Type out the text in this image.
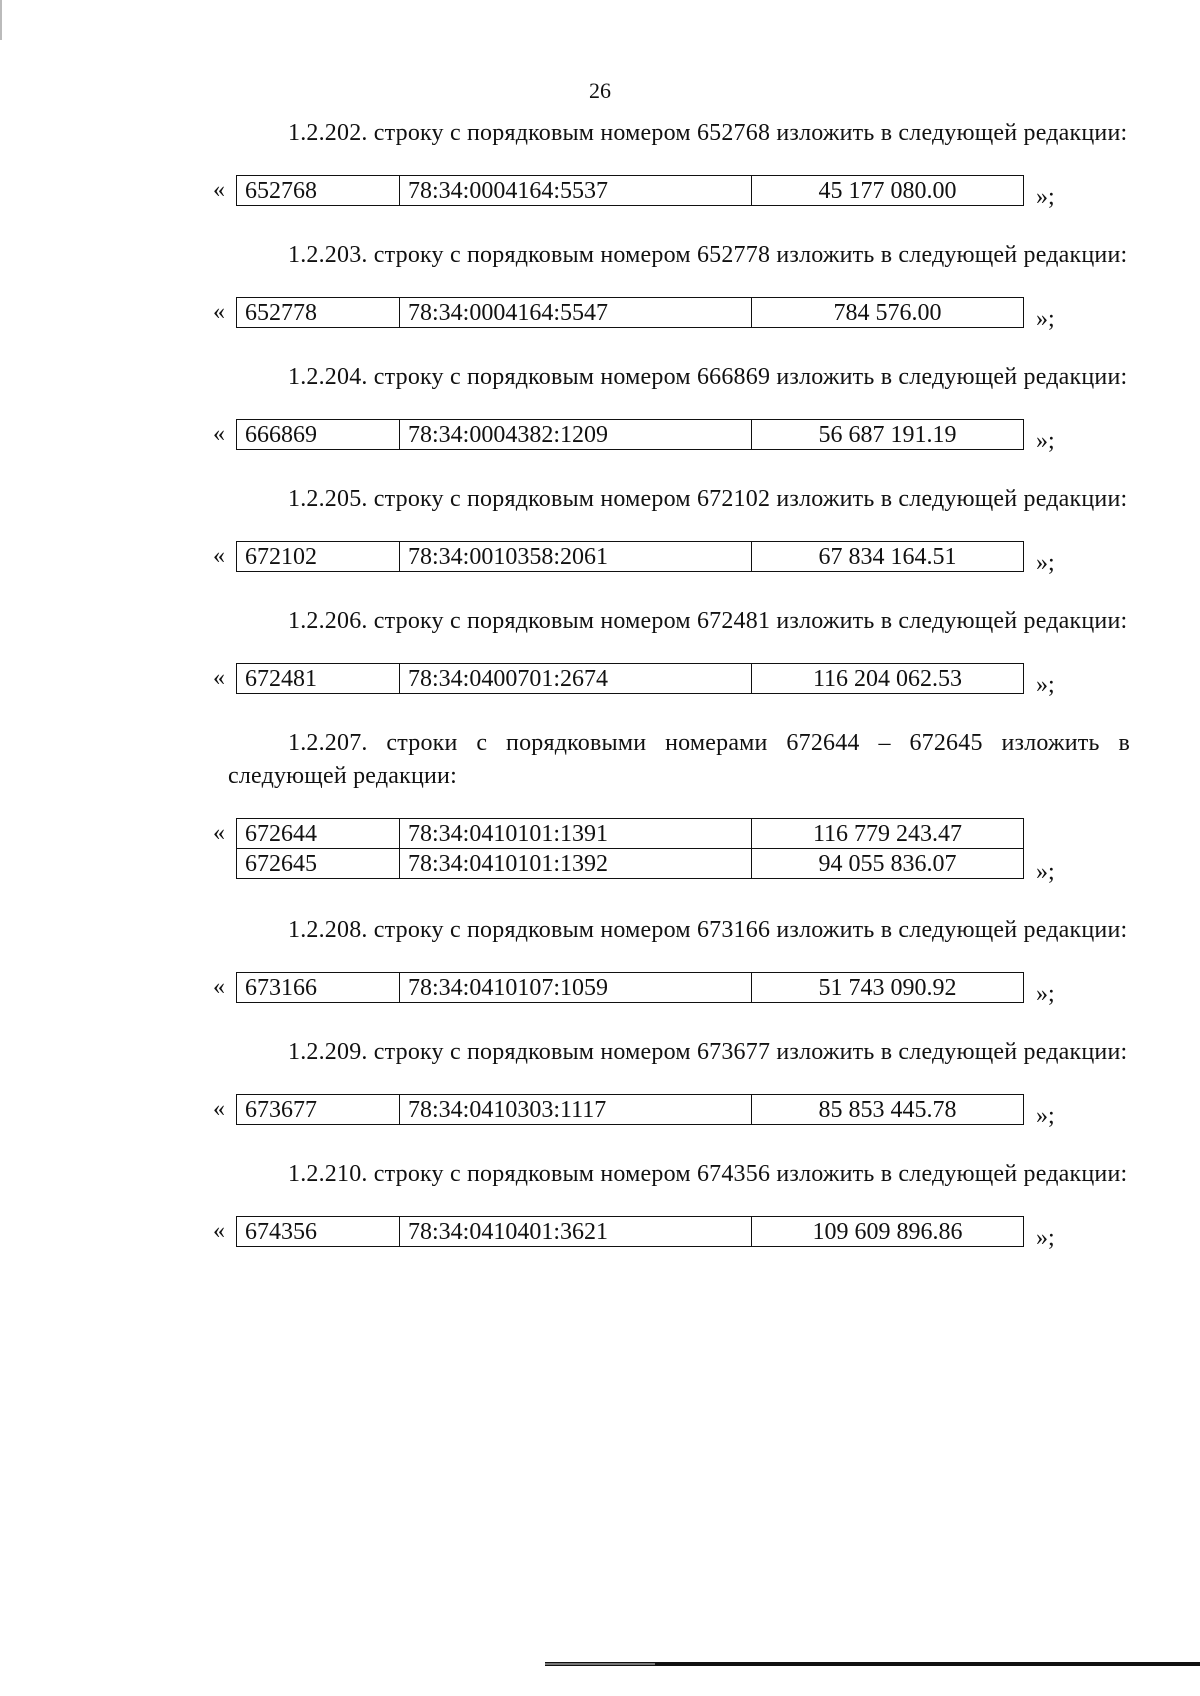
26
1.2.202. строку с порядковым номером 652768 изложить в следующей редакции:
« 652768	78:34:0004164:5537	45 177 080.00	»;
1.2.203. строку с порядковым номером 652778 изложить в следующей редакции:
« 652778	78:34:0004164:5547	784 576.00	»;
1.2.204. строку с порядковым номером 666869 изложить в следующей редакции:
« 666869	78:34:0004382:1209	56 687 191.19	»;
1.2.205. строку с порядковым номером 672102 изложить в следующей редакции:
« 672102	78:34:0010358:2061	67 834 164.51	»;
1.2.206. строку с порядковым номером 672481 изложить в следующей редакции:
« 672481	78:34:0400701:2674	116 204 062.53	»;
1.2.207. строки с порядковыми номерами 672644 – 672645 изложить в следующей редакции:
« 672644	78:34:0410101:1391	116 779 243.47
672645	78:34:0410101:1392	94 055 836.07	»;
1.2.208. строку с порядковым номером 673166 изложить в следующей редакции:
« 673166	78:34:0410107:1059	51 743 090.92	»;
1.2.209. строку с порядковым номером 673677 изложить в следующей редакции:
« 673677	78:34:0410303:1117	85 853 445.78	»;
1.2.210. строку с порядковым номером 674356 изложить в следующей редакции:
« 674356	78:34:0410401:3621	109 609 896.86	»;
